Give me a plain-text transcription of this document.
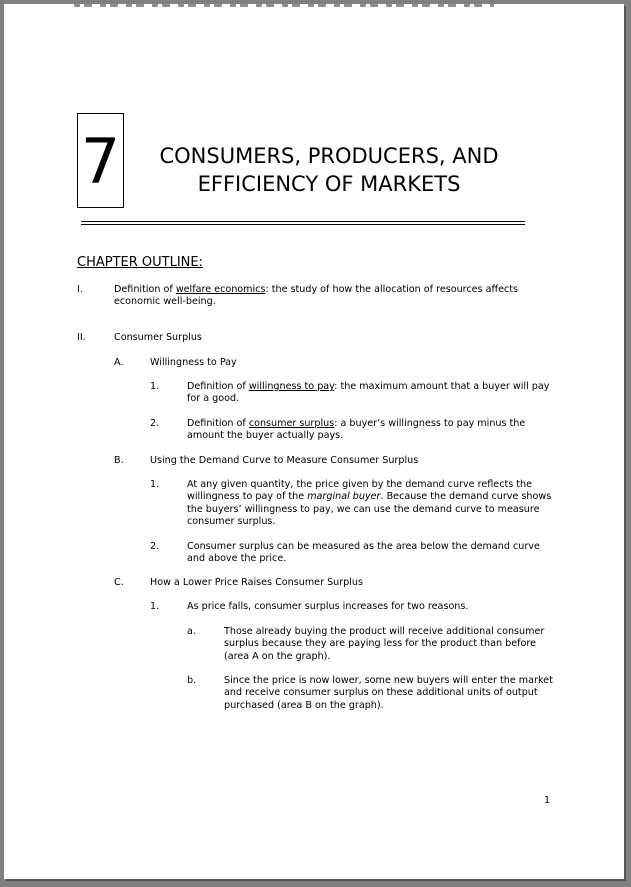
7	CONSUMERS, PRODUCERS, AND
EFFICIENCY OF MARKETS
CHAPTER OUTLINE:
I.	Definition of welfare economics: the study of how the allocation of resources affects economic well-being.
II.	Consumer Surplus
A.	Willingness to Pay
1.	Definition of willingness to pay: the maximum amount that a buyer will pay for a good.
2.	Definition of consumer surplus: a buyer’s willingness to pay minus the amount the buyer actually pays.
B.	Using the Demand Curve to Measure Consumer Surplus
1.	At any given quantity, the price given by the demand curve reflects the willingness to pay of the marginal buyer. Because the demand curve shows the buyers’ willingness to pay, we can use the demand curve to measure consumer surplus.
2.	Consumer surplus can be measured as the area below the demand curve and above the price.
C.	How a Lower Price Raises Consumer Surplus
1.	As price falls, consumer surplus increases for two reasons.
a.	Those already buying the product will receive additional consumer surplus because they are paying less for the product than before (area A on the graph).
b.	Since the price is now lower, some new buyers will enter the market and receive consumer surplus on these additional units of output purchased (area B on the graph).
1
